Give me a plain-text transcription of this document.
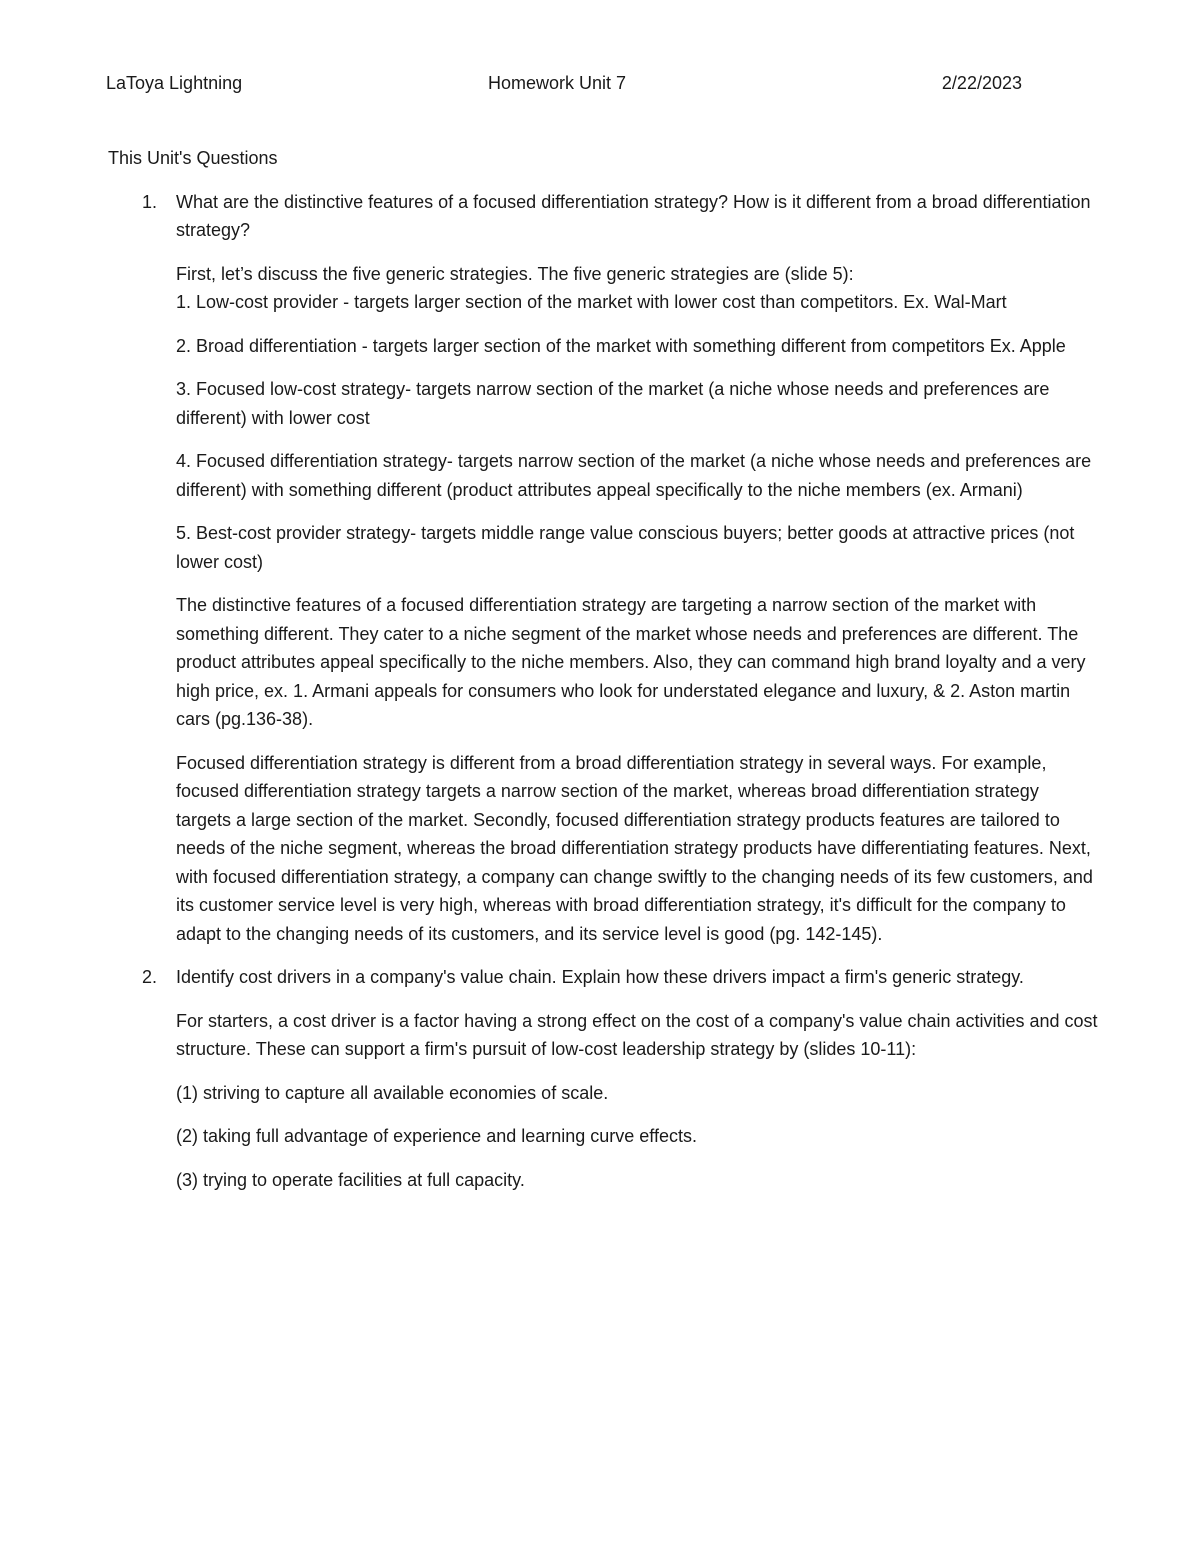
LaToya Lightning	Homework Unit 7	2/22/2023

This Unit's Questions

1. What are the distinctive features of a focused differentiation strategy? How is it different from a broad differentiation strategy?

First, let’s discuss the five generic strategies. The five generic strategies are (slide 5):

1. Low-cost provider - targets larger section of the market with lower cost than competitors. Ex. Wal-Mart

2. Broad differentiation - targets larger section of the market with something different from competitors Ex. Apple

3. Focused low-cost strategy- targets narrow section of the market (a niche whose needs and preferences are different) with lower cost

4. Focused differentiation strategy- targets narrow section of the market (a niche whose needs and preferences are different) with something different (product attributes appeal specifically to the niche members (ex. Armani)

5. Best-cost provider strategy- targets middle range value conscious buyers; better goods at attractive prices (not lower cost)

The distinctive features of a focused differentiation strategy are targeting a narrow section of the market with something different. They cater to a niche segment of the market whose needs and preferences are different. The product attributes appeal specifically to the niche members. Also, they can command high brand loyalty and a very high price, ex. 1. Armani appeals for consumers who look for understated elegance and luxury, & 2. Aston martin cars (pg.136-38).

Focused differentiation strategy is different from a broad differentiation strategy in several ways. For example, focused differentiation strategy targets a narrow section of the market, whereas broad differentiation strategy targets a large section of the market. Secondly, focused differentiation strategy products features are tailored to needs of the niche segment, whereas the broad differentiation strategy products have differentiating features. Next, with focused differentiation strategy, a company can change swiftly to the changing needs of its few customers, and its customer service level is very high, whereas with broad differentiation strategy, it's difficult for the company to adapt to the changing needs of its customers, and its service level is good (pg. 142-145).

2. Identify cost drivers in a company's value chain. Explain how these drivers impact a firm's generic strategy.

For starters, a cost driver is a factor having a strong effect on the cost of a company's value chain activities and cost structure. These can support a firm's pursuit of low-cost leadership strategy by (slides 10-11):

(1) striving to capture all available economies of scale.

(2) taking full advantage of experience and learning curve effects.

(3) trying to operate facilities at full capacity.
